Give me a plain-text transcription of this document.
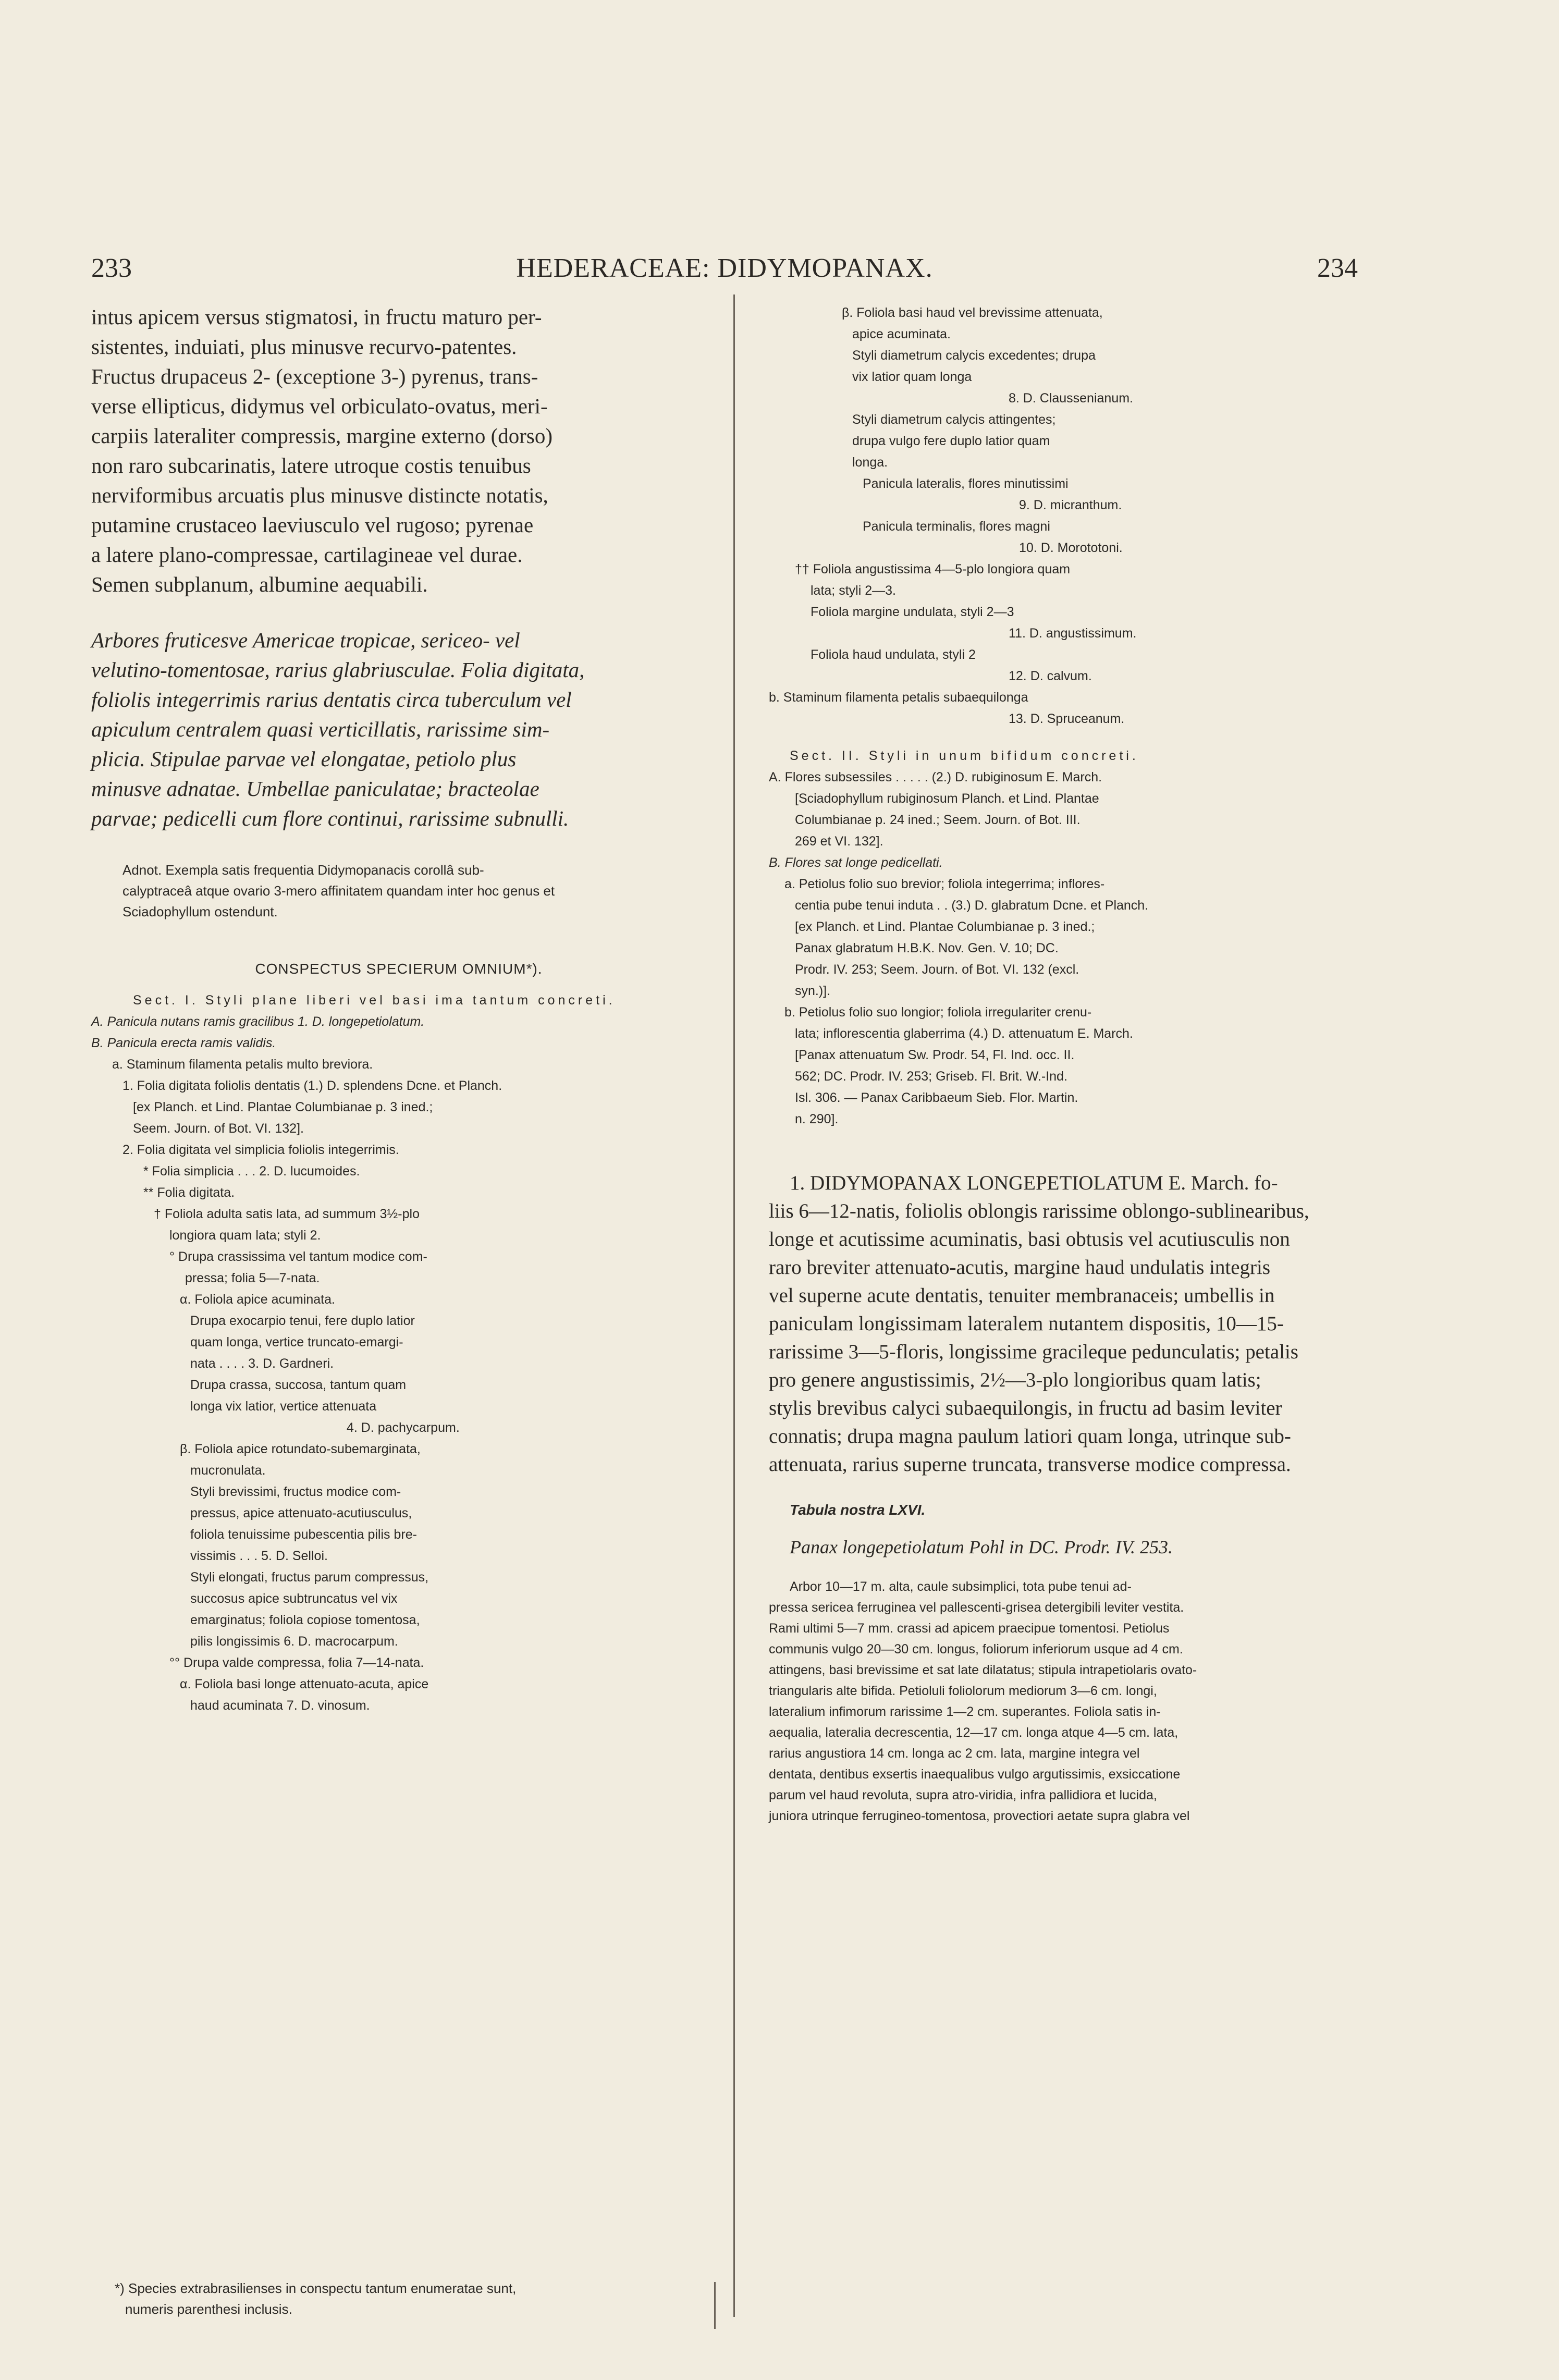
233	HEDERACEAE: DIDYMOPANAX.	234

intus apicem versus stigmatosi, in fructu maturo per-
sistentes, induiati, plus minusve recurvo-patentes.
Fructus drupaceus 2- (exceptione 3-) pyrenus, trans-
verse ellipticus, didymus vel orbiculato-ovatus, meri-
carpiis lateraliter compressis, margine externo (dorso)
non raro subcarinatis, latere utroque costis tenuibus
nerviformibus arcuatis plus minusve distincte notatis,
putamine crustaceo laeviusculo vel rugoso; pyrenae
a latere plano-compressae, cartilagineae vel durae.
Semen subplanum, albumine aequabili.

Arbores fruticesve Americae tropicae, sericeo- vel
velutino-tomentosae, rarius glabriusculae. Folia digitata,
foliolis integerrimis rarius dentatis circa tuberculum vel
apiculum centralem quasi verticillatis, rarissime sim-
plicia. Stipulae parvae vel elongatae, petiolo plus
minusve adnatae. Umbellae paniculatae; bracteolae
parvae; pedicelli cum flore continui, rarissime subnulli.

Adnot. Exempla satis frequentia Didymopanacis corollâ sub-
calyptraceâ atque ovario 3-mero affinitatem quandam inter hoc genus et
Sciadophyllum ostendunt.

CONSPECTUS SPECIERUM OMNIUM*).

Sect. I. Styli plane liberi vel basi ima tantum concreti.
A. Panicula nutans ramis gracilibus 1. D. longepetiolatum.
B. Panicula erecta ramis validis.
a. Staminum filamenta petalis multo breviora.
1. Folia digitata foliolis dentatis (1.) D. splendens Dcne. et Planch.
[ex Planch. et Lind. Plantae Columbianae p. 3 ined.;
Seem. Journ. of Bot. VI. 132].
2. Folia digitata vel simplicia foliolis integerrimis.
* Folia simplicia . . . 2. D. lucumoides.
** Folia digitata.
† Foliola adulta satis lata, ad summum 3½-plo
longiora quam lata; styli 2.
° Drupa crassissima vel tantum modice com-
pressa; folia 5—7-nata.
α. Foliola apice acuminata.
Drupa exocarpio tenui, fere duplo latior
quam longa, vertice truncato-emargi-
nata . . . . 3. D. Gardneri.
Drupa crassa, succosa, tantum quam
longa vix latior, vertice attenuata
4. D. pachycarpum.
β. Foliola apice rotundato-subemarginata,
mucronulata.
Styli brevissimi, fructus modice com-
pressus, apice attenuato-acutiusculus,
foliola tenuissime pubescentia pilis bre-
vissimis . . . 5. D. Selloi.
Styli elongati, fructus parum compressus,
succosus apice subtruncatus vel vix
emarginatus; foliola copiose tomentosa,
pilis longissimis 6. D. macrocarpum.
°° Drupa valde compressa, folia 7—14-nata.
α. Foliola basi longe attenuato-acuta, apice
haud acuminata 7. D. vinosum.
*) Species extrabrasilienses in conspectu tantum enumeratae sunt,
numeris parenthesi inclusis.
β. Foliola basi haud vel brevissime attenuata,
apice acuminata.
Styli diametrum calycis excedentes; drupa
vix latior quam longa
8. D. Claussenianum.
Styli diametrum calycis attingentes;
drupa vulgo fere duplo latior quam
longa.
Panicula lateralis, flores minutissimi
9. D. micranthum.
Panicula terminalis, flores magni
10. D. Morototoni.
†† Foliola angustissima 4—5-plo longiora quam
lata; styli 2—3.
Foliola margine undulata, styli 2—3
11. D. angustissimum.
Foliola haud undulata, styli 2
12. D. calvum.
b. Staminum filamenta petalis subaequilonga
13. D. Spruceanum.
Sect. II. Styli in unum bifidum concreti.
A. Flores subsessiles . . . . . (2.) D. rubiginosum E. March.
[Sciadophyllum rubiginosum Planch. et Lind. Plantae
Columbianae p. 24 ined.; Seem. Journ. of Bot. III.
269 et VI. 132].
B. Flores sat longe pedicellati.
a. Petiolus folio suo brevior; foliola integerrima; inflores-
centia pube tenui induta . . (3.) D. glabratum Dcne. et Planch.
[ex Planch. et Lind. Plantae Columbianae p. 3 ined.;
Panax glabratum H.B.K. Nov. Gen. V. 10; DC.
Prodr. IV. 253; Seem. Journ. of Bot. VI. 132 (excl.
syn.)].
b. Petiolus folio suo longior; foliola irregulariter crenu-
lata; inflorescentia glaberrima (4.) D. attenuatum E. March.
[Panax attenuatum Sw. Prodr. 54, Fl. Ind. occ. II.
562; DC. Prodr. IV. 253; Griseb. Fl. Brit. W.-Ind.
Isl. 306. — Panax Caribbaeum Sieb. Flor. Martin.
n. 290].

1. DIDYMOPANAX LONGEPETIOLATUM E. March. fo-
liis 6—12-natis, foliolis oblongis rarissime oblongo-sublinearibus,
longe et acutissime acuminatis, basi obtusis vel acutiusculis non
raro breviter attenuato-acutis, margine haud undulatis integris
vel superne acute dentatis, tenuiter membranaceis; umbellis in
paniculam longissimam lateralem nutantem dispositis, 10—15-
rarissime 3—5-floris, longissime gracileque pedunculatis; petalis
pro genere angustissimis, 2½—3-plo longioribus quam latis;
stylis brevibus calyci subaequilongis, in fructu ad basim leviter
connatis; drupa magna paulum latiori quam longa, utrinque sub-
attenuata, rarius superne truncata, transverse modice compressa.

Tabula nostra LXVI.

Panax longepetiolatum Pohl in DC. Prodr. IV. 253.

Arbor 10—17 m. alta, caule subsimplici, tota pube tenui ad-
pressa sericea ferruginea vel pallescenti-grisea detergibili leviter vestita.
Rami ultimi 5—7 mm. crassi ad apicem praecipue tomentosi. Petiolus
communis vulgo 20—30 cm. longus, foliorum inferiorum usque ad 4 cm.
attingens, basi brevissime et sat late dilatatus; stipula intrapetiolaris ovato-
triangularis alte bifida. Petioluli foliolorum mediorum 3—6 cm. longi,
lateralium infimorum rarissime 1—2 cm. superantes. Foliola satis in-
aequalia, lateralia decrescentia, 12—17 cm. longa atque 4—5 cm. lata,
rarius angustiora 14 cm. longa ac 2 cm. lata, margine integra vel
dentata, dentibus exsertis inaequalibus vulgo argutissimis, exsiccatione
parum vel haud revoluta, supra atro-viridia, infra pallidiora et lucida,
juniora utrinque ferrugineo-tomentosa, provectiori aetate supra glabra vel
